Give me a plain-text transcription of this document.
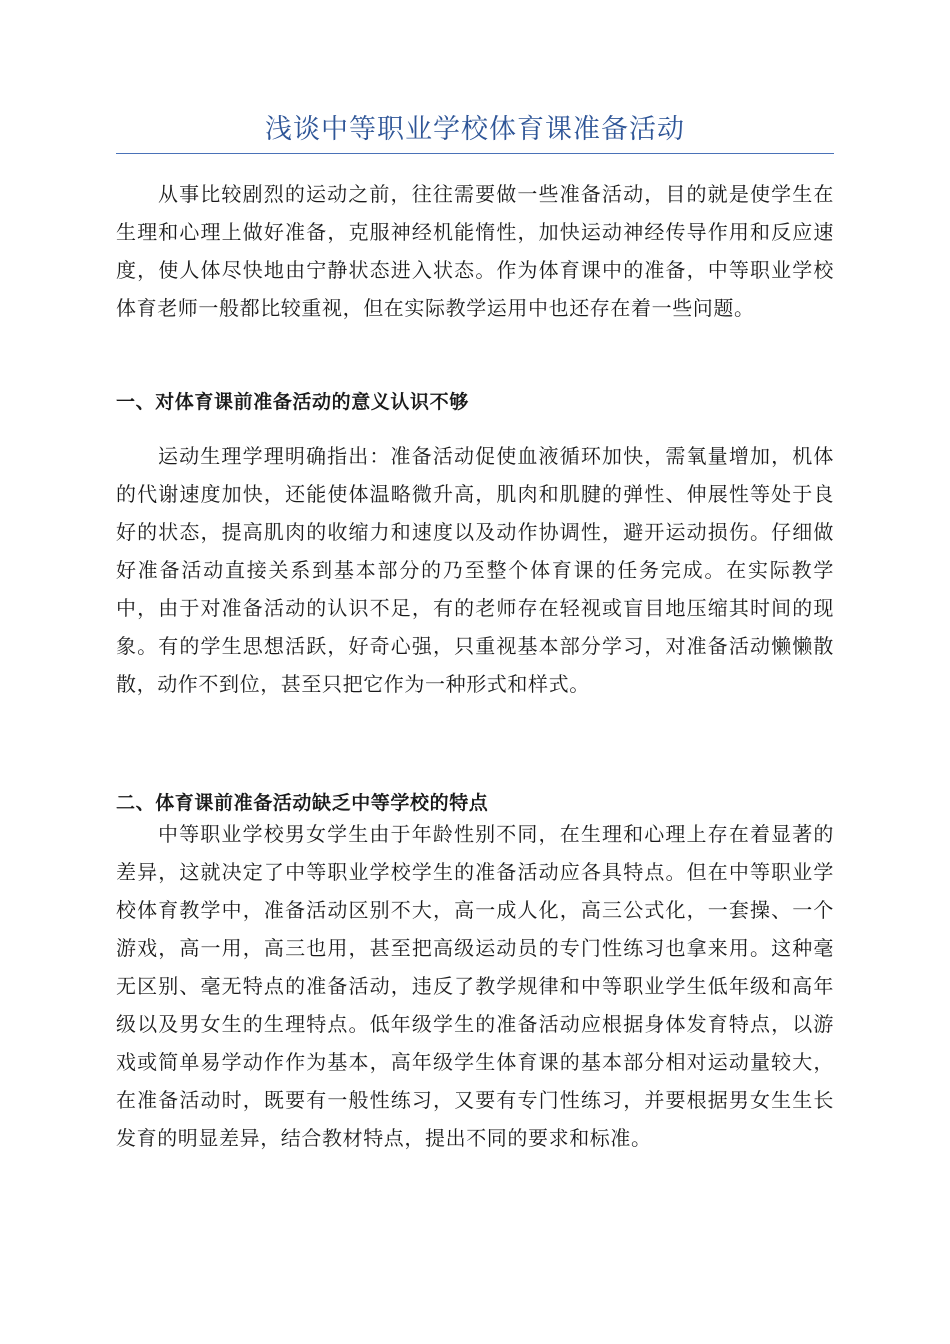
浅谈中等职业学校体育课准备活动

从事比较剧烈的运动之前，往往需要做一些准备活动，目的就是使学生在生理和心理上做好准备，克服神经机能惰性，加快运动神经传导作用和反应速度，使人体尽快地由宁静状态进入状态。作为体育课中的准备，中等职业学校体育老师一般都比较重视，但在实际教学运用中也还存在着一些问题。

一、对体育课前准备活动的意义认识不够

运动生理学理明确指出：准备活动促使血液循环加快，需氧量增加，机体的代谢速度加快，还能使体温略微升高，肌肉和肌腱的弹性、伸展性等处于良好的状态，提高肌肉的收缩力和速度以及动作协调性，避开运动损伤。仔细做好准备活动直接关系到基本部分的乃至整个体育课的任务完成。在实际教学中，由于对准备活动的认识不足，有的老师存在轻视或盲目地压缩其时间的现象。有的学生思想活跃，好奇心强，只重视基本部分学习，对准备活动懒懒散散，动作不到位，甚至只把它作为一种形式和样式。

二、体育课前准备活动缺乏中等学校的特点

中等职业学校男女学生由于年龄性别不同，在生理和心理上存在着显著的差异，这就决定了中等职业学校学生的准备活动应各具特点。但在中等职业学校体育教学中，准备活动区别不大，高一成人化，高三公式化，一套操、一个游戏，高一用，高三也用，甚至把高级运动员的专门性练习也拿来用。这种毫无区别、毫无特点的准备活动，违反了教学规律和中等职业学生低年级和高年级以及男女生的生理特点。低年级学生的准备活动应根据身体发育特点，以游戏或简单易学动作作为基本，高年级学生体育课的基本部分相对运动量较大，在准备活动时，既要有一般性练习，又要有专门性练习，并要根据男女生生长发育的明显差异，结合教材特点，提出不同的要求和标准。
